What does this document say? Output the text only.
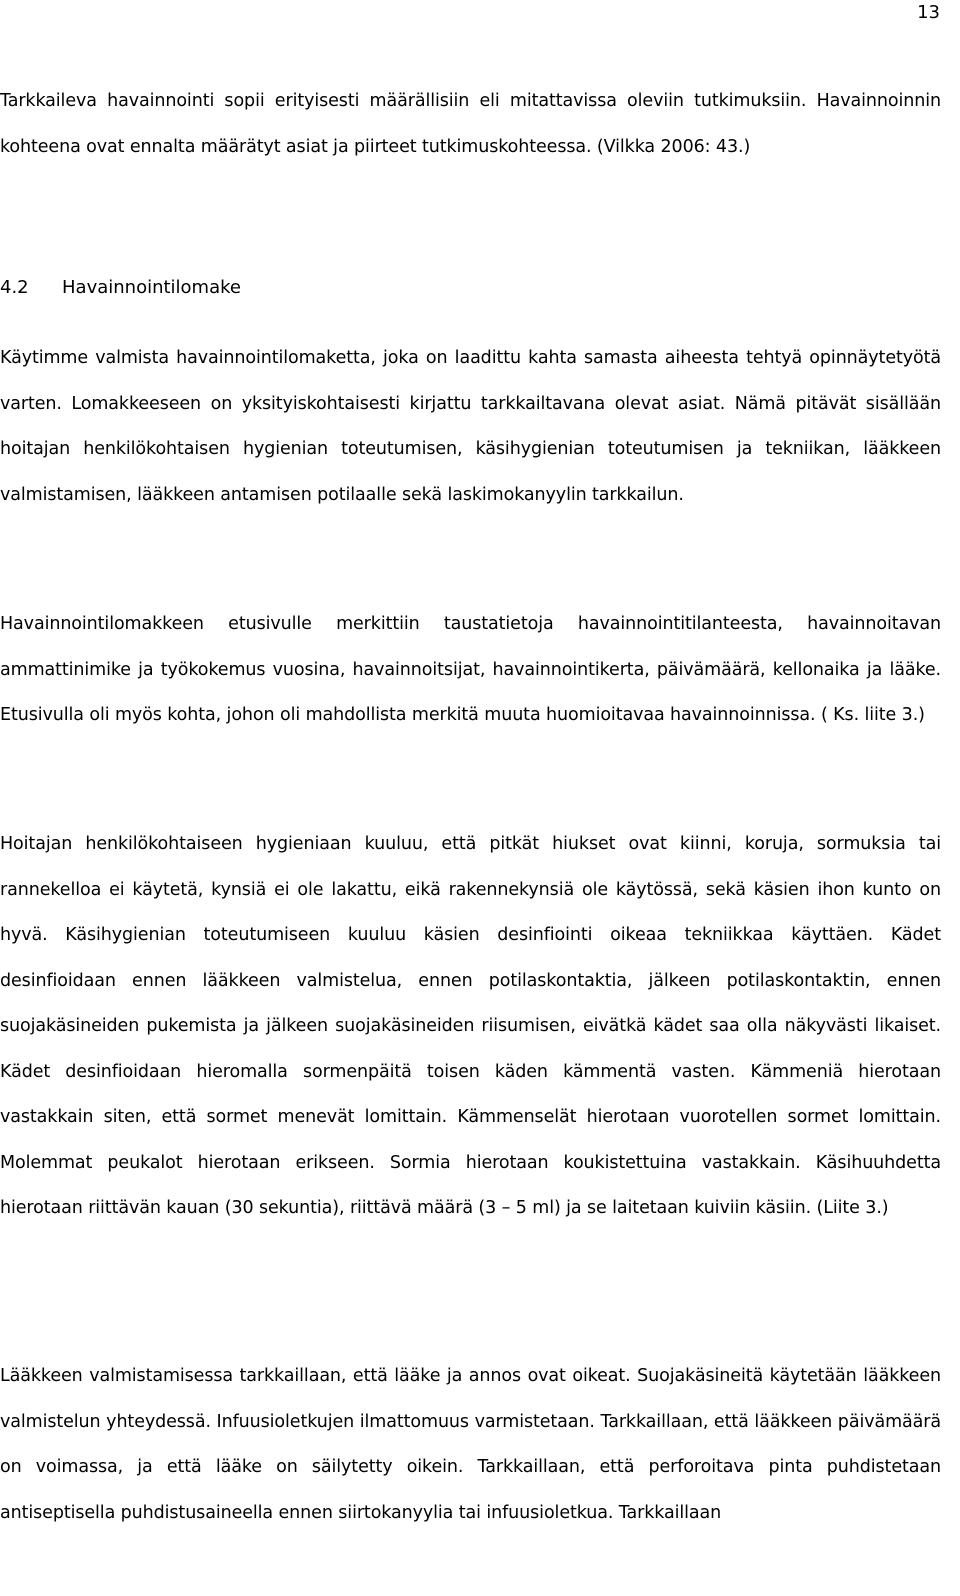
13

Tarkkaileva havainnointi sopii erityisesti määrällisiin eli mitattavissa oleviin tutkimuksiin. Havainnoinnin kohteena ovat ennalta määrätyt asiat ja piirteet tutkimuskohteessa. (Vilkka 2006: 43.)

4.2 Havainnointilomake

Käytimme valmista havainnointilomaketta, joka on laadittu kahta samasta aiheesta tehtyä opinnäytetyötä varten. Lomakkeeseen on yksityiskohtaisesti kirjattu tarkkailtavana olevat asiat. Nämä pitävät sisällään hoitajan henkilökohtaisen hygienian toteutumisen, käsihygienian toteutumisen ja tekniikan, lääkkeen valmistamisen, lääkkeen antamisen potilaalle sekä laskimokanyylin tarkkailun.

Havainnointilomakkeen etusivulle merkittiin taustatietoja havainnointitilanteesta, havainnoitavan ammattinimike ja työkokemus vuosina, havainnoitsijat, havainnointikerta, päivämäärä, kellonaika ja lääke. Etusivulla oli myös kohta, johon oli mahdollista merkitä muuta huomioitavaa havainnoinnissa. ( Ks. liite 3.)

Hoitajan henkilökohtaiseen hygieniaan kuuluu, että pitkät hiukset ovat kiinni, koruja, sormuksia tai rannekelloa ei käytetä, kynsiä ei ole lakattu, eikä rakennekynsiä ole käytössä, sekä käsien ihon kunto on hyvä. Käsihygienian toteutumiseen kuuluu käsien desinfiointi oikeaa tekniikkaa käyttäen. Kädet desinfioidaan ennen lääkkeen valmistelua, ennen potilaskontaktia, jälkeen potilaskontaktin, ennen suojakäsineiden pukemista ja jälkeen suojakäsineiden riisumisen, eivätkä kädet saa olla näkyvästi likaiset. Kädet desinfioidaan hieromalla sormenpäitä toisen käden kämmentä vasten. Kämmeniä hierotaan vastakkain siten, että sormet menevät lomittain. Kämmenselät hierotaan vuorotellen sormet lomittain. Molemmat peukalot hierotaan erikseen. Sormia hierotaan koukistettuina vastakkain. Käsihuuhdetta hierotaan riittävän kauan (30 sekuntia), riittävä määrä (3 – 5 ml) ja se laitetaan kuiviin käsiin. (Liite 3.)

Lääkkeen valmistamisessa tarkkaillaan, että lääke ja annos ovat oikeat. Suojakäsineitä käytetään lääkkeen valmistelun yhteydessä. Infuusioletkujen ilmattomuus varmistetaan. Tarkkaillaan, että lääkkeen päivämäärä on voimassa, ja että lääke on säilytetty oikein. Tarkkaillaan, että perforoitava pinta puhdistetaan antiseptisella puhdistusaineella ennen siirtokanyylia tai infuusioletkua. Tarkkaillaan
